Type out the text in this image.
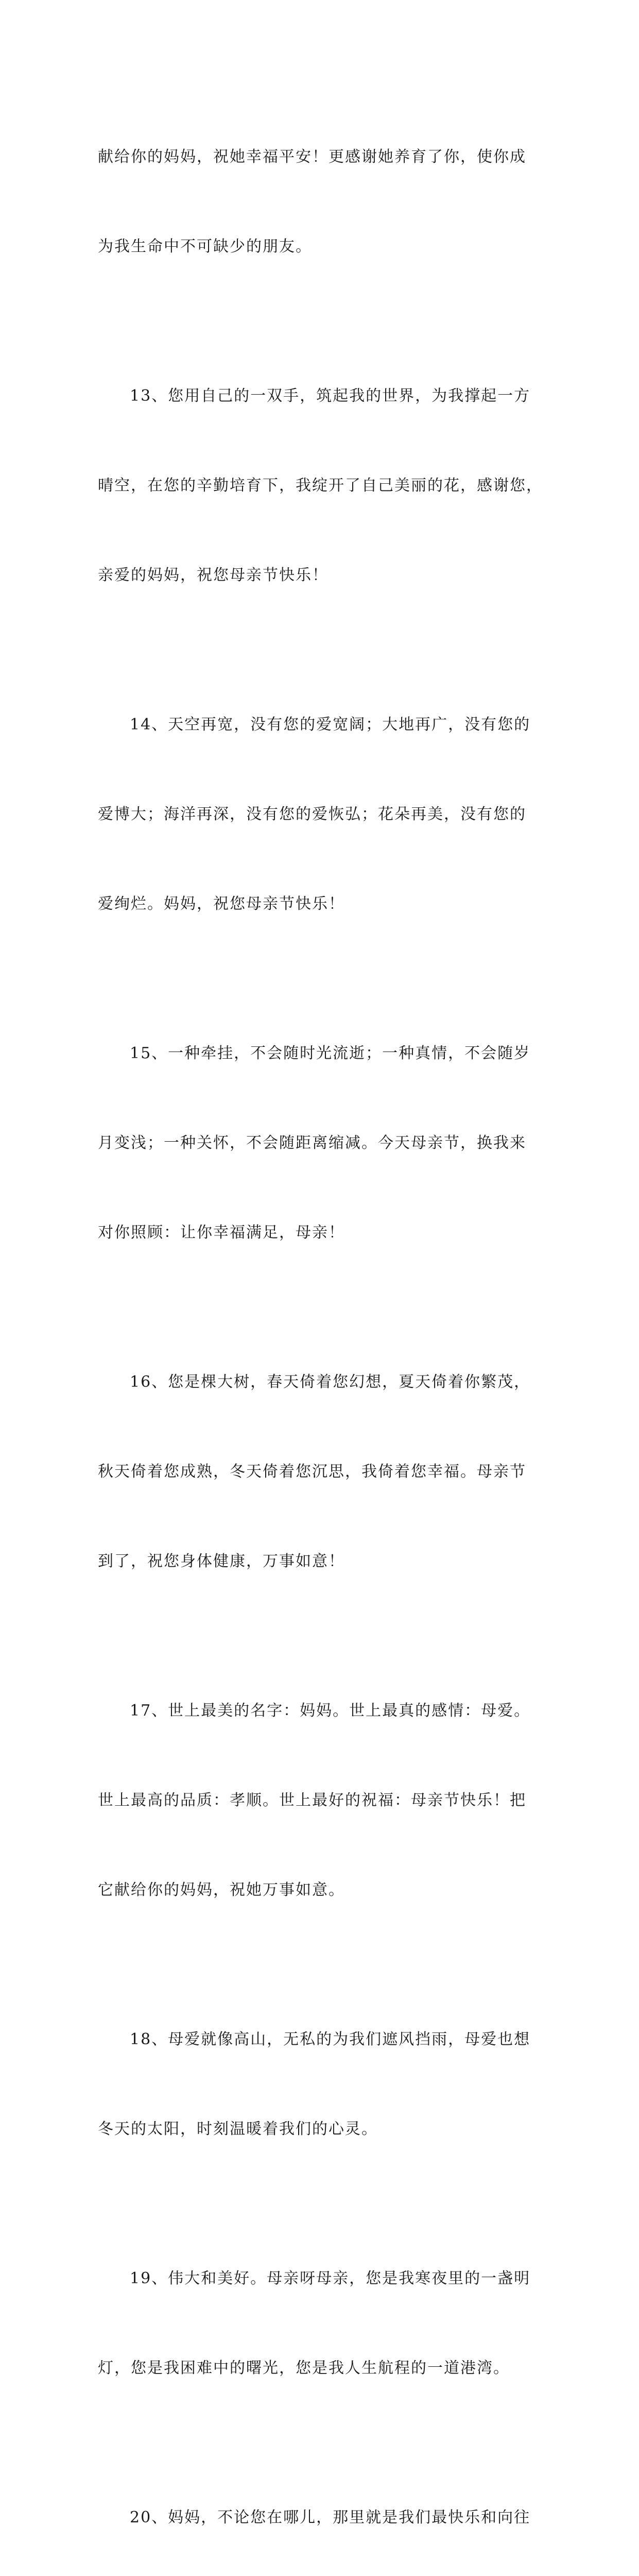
献给你的妈妈，祝她幸福平安！更感谢她养育了你，使你成

为我生命中不可缺少的朋友。

13、您用自己的一双手，筑起我的世界，为我撑起一方

晴空，在您的辛勤培育下，我绽开了自己美丽的花，感谢您，

亲爱的妈妈，祝您母亲节快乐！

14、天空再宽，没有您的爱宽阔；大地再广，没有您的

爱博大；海洋再深，没有您的爱恢弘；花朵再美，没有您的

爱绚烂。妈妈，祝您母亲节快乐！

15、一种牵挂，不会随时光流逝；一种真情，不会随岁

月变浅；一种关怀，不会随距离缩减。今天母亲节，换我来

对你照顾：让你幸福满足，母亲！

16、您是棵大树，春天倚着您幻想，夏天倚着你繁茂，

秋天倚着您成熟，冬天倚着您沉思，我倚着您幸福。母亲节

到了，祝您身体健康，万事如意！

17、世上最美的名字：妈妈。世上最真的感情：母爱。

世上最高的品质：孝顺。世上最好的祝福：母亲节快乐！把

它献给你的妈妈，祝她万事如意。

18、母爱就像高山，无私的为我们遮风挡雨，母爱也想

冬天的太阳，时刻温暖着我们的心灵。

19、伟大和美好。母亲呀母亲，您是我寒夜里的一盏明

灯，您是我困难中的曙光，您是我人生航程的一道港湾。

20、妈妈，不论您在哪儿，那里就是我们最快乐和向往
